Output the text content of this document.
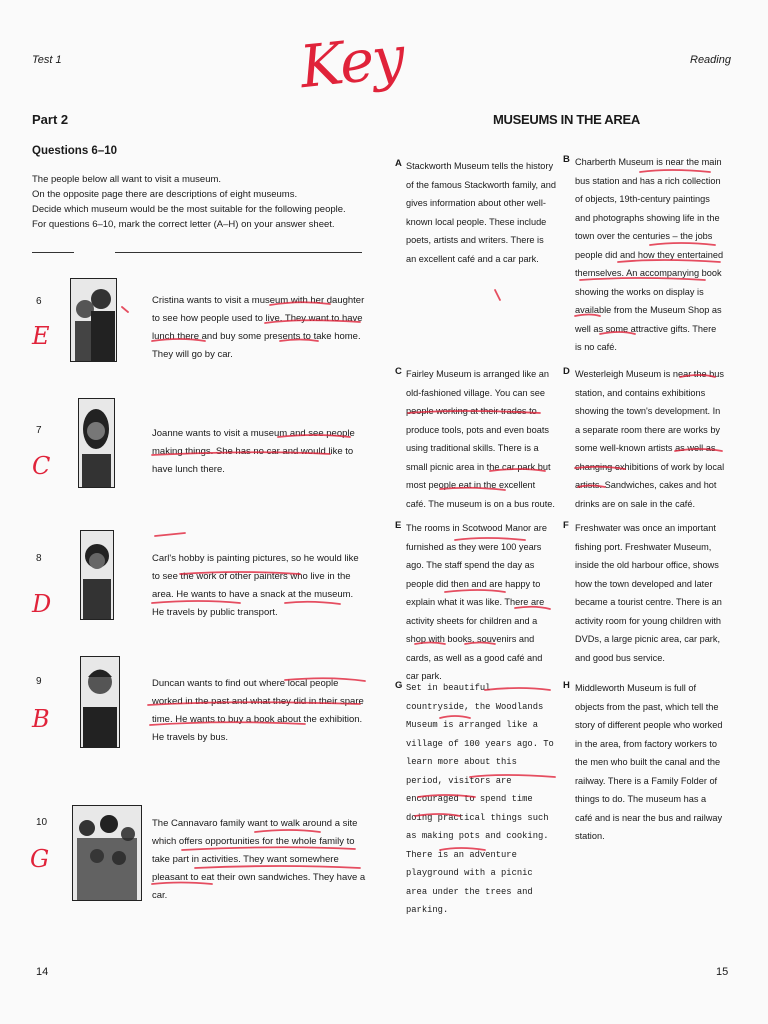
Test 1	Reading
Key
Part 2
Questions 6–10
The people below all want to visit a museum.
On the opposite page there are descriptions of eight museums.
Decide which museum would be the most suitable for the following people.
For questions 6–10, mark the correct letter (A–H) on your answer sheet.
6
E
Cristina wants to visit a museum with her daughter to see how people used to live. They want to have lunch there and buy some presents to take home. They will go by car.
7
C
Joanne wants to visit a museum and see people making things. She has no car and would like to have lunch there.
8
D
Carl's hobby is painting pictures, so he would like to see the work of other painters who live in the area. He wants to have a snack at the museum. He travels by public transport.
9
B
Duncan wants to find out where local people worked in the past and what they did in their spare time. He wants to buy a book about the exhibition. He travels by bus.
10
G
The Cannavaro family want to walk around a site which offers opportunities for the whole family to take part in activities. They want somewhere pleasant to eat their own sandwiches. They have a car.
MUSEUMS IN THE AREA
A Stackworth Museum tells the history of the famous Stackworth family, and gives information about other well-known local people. These include poets, artists and writers. There is an excellent café and a car park.
B Charberth Museum is near the main bus station and has a rich collection of objects, 19th-century paintings and photographs showing life in the town over the centuries – the jobs people did and how they entertained themselves. An accompanying book showing the works on display is available from the Museum Shop as well as some attractive gifts. There is no café.
C Fairley Museum is arranged like an old-fashioned village. You can see people working at their trades to produce tools, pots and even boats using traditional skills. There is a small picnic area in the car park but most people eat in the excellent café. The museum is on a bus route.
D Westerleigh Museum is near the bus station, and contains exhibitions showing the town's development. In a separate room there are works by some well-known artists as well as changing exhibitions of work by local artists. Sandwiches, cakes and hot drinks are on sale in the café.
E The rooms in Scotwood Manor are furnished as they were 100 years ago. The staff spend the day as people did then and are happy to explain what it was like. There are activity sheets for children and a shop with books, souvenirs and cards, as well as a good café and car park.
F Freshwater was once an important fishing port. Freshwater Museum, inside the old harbour office, shows how the town developed and later became a tourist centre. There is an activity room for young children with DVDs, a large picnic area, car park, and good bus service.
G Set in beautiful countryside, the Woodlands Museum is arranged like a village of 100 years ago. To learn more about this period, visitors are encouraged to spend time doing practical things such as making pots and cooking. There is an adventure playground with a picnic area under the trees and parking.
H Middleworth Museum is full of objects from the past, which tell the story of different people who worked in the area, from factory workers to the men who built the canal and the railway. There is a Family Folder of things to do. The museum has a café and is near the bus and railway station.
14	15
